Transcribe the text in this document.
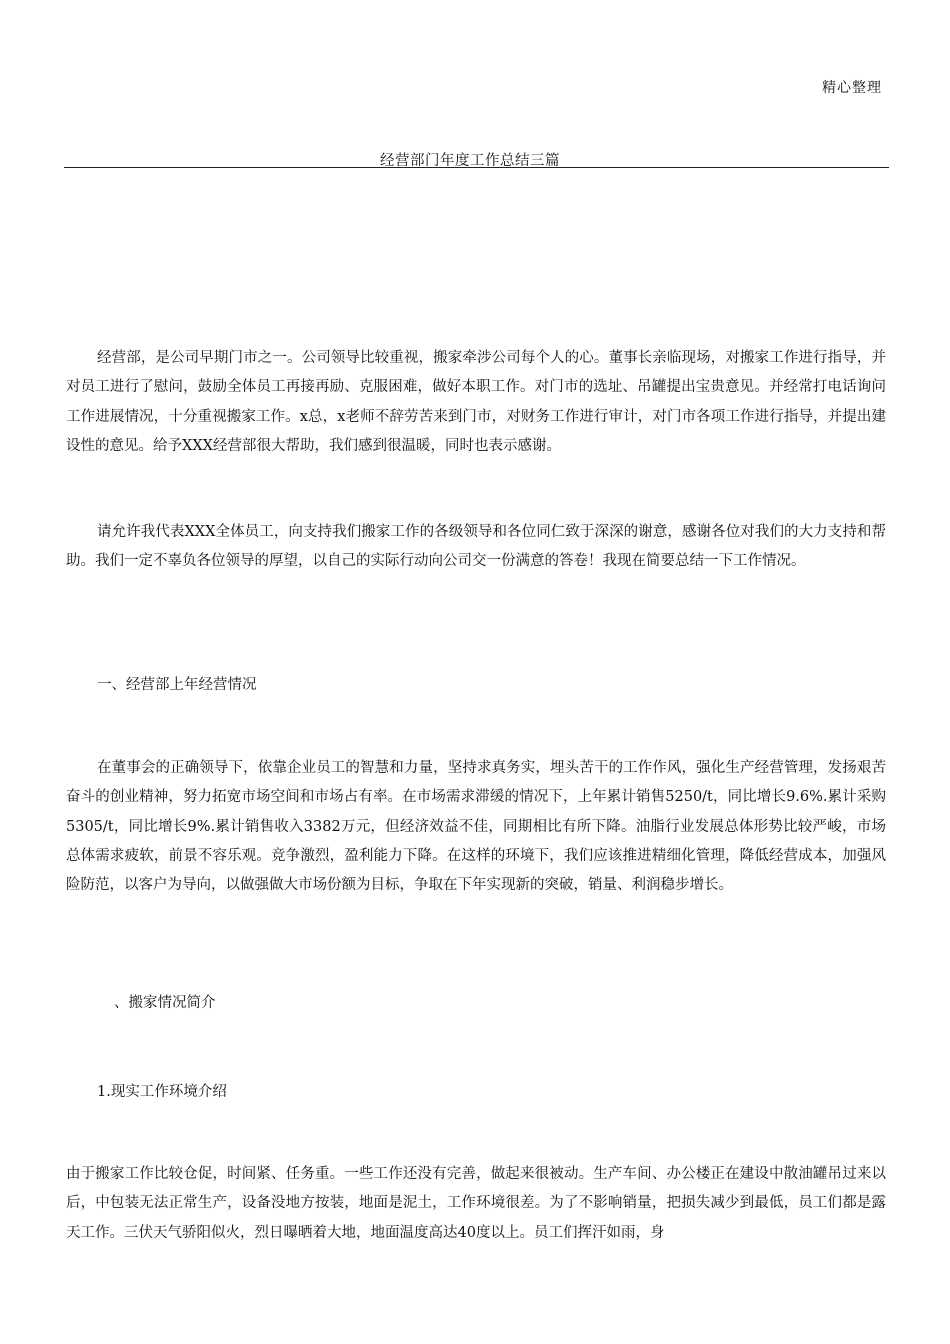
精心整理
经营部门年度工作总结三篇

经营部，是公司早期门市之一。公司领导比较重视，搬家牵涉公司每个人的心。董事长亲临现场，对搬家工作进行指导，并对员工进行了慰问，鼓励全体员工再接再励、克服困难，做好本职工作。对门市的选址、吊罐提出宝贵意见。并经常打电话询问工作进展情况，十分重视搬家工作。x总，x老师不辞劳苦来到门市，对财务工作进行审计，对门市各项工作进行指导，并提出建设性的意见。给予XXX经营部很大帮助，我们感到很温暖，同时也表示感谢。

请允许我代表XXX全体员工，向支持我们搬家工作的各级领导和各位同仁致于深深的谢意，感谢各位对我们的大力支持和帮助。我们一定不辜负各位领导的厚望，以自己的实际行动向公司交一份满意的答卷！我现在简要总结一下工作情况。

一、经营部上年经营情况

在董事会的正确领导下，依靠企业员工的智慧和力量，坚持求真务实，埋头苦干的工作作风，强化生产经营管理，发扬艰苦奋斗的创业精神，努力拓宽市场空间和市场占有率。在市场需求滞缓的情况下，上年累计销售5250/t，同比增长9.6%.累计采购5305/t，同比增长9%.累计销售收入3382万元，但经济效益不佳，同期相比有所下降。油脂行业发展总体形势比较严峻，市场总体需求疲软，前景不容乐观。竞争激烈，盈利能力下降。在这样的环境下，我们应该推进精细化管理，降低经营成本，加强风险防范，以客户为导向，以做强做大市场份额为目标，争取在下年实现新的突破，销量、利润稳步增长。

、搬家情况简介
1.现实工作环境介绍

由于搬家工作比较仓促，时间紧、任务重。一些工作还没有完善，做起来很被动。生产车间、办公楼正在建设中散油罐吊过来以后，中包装无法正常生产，设备没地方按装，地面是泥土，工作环境很差。为了不影响销量，把损失减少到最低，员工们都是露天工作。三伏天气骄阳似火，烈日曝晒着大地，地面温度高达40度以上。员工们挥汗如雨，身
